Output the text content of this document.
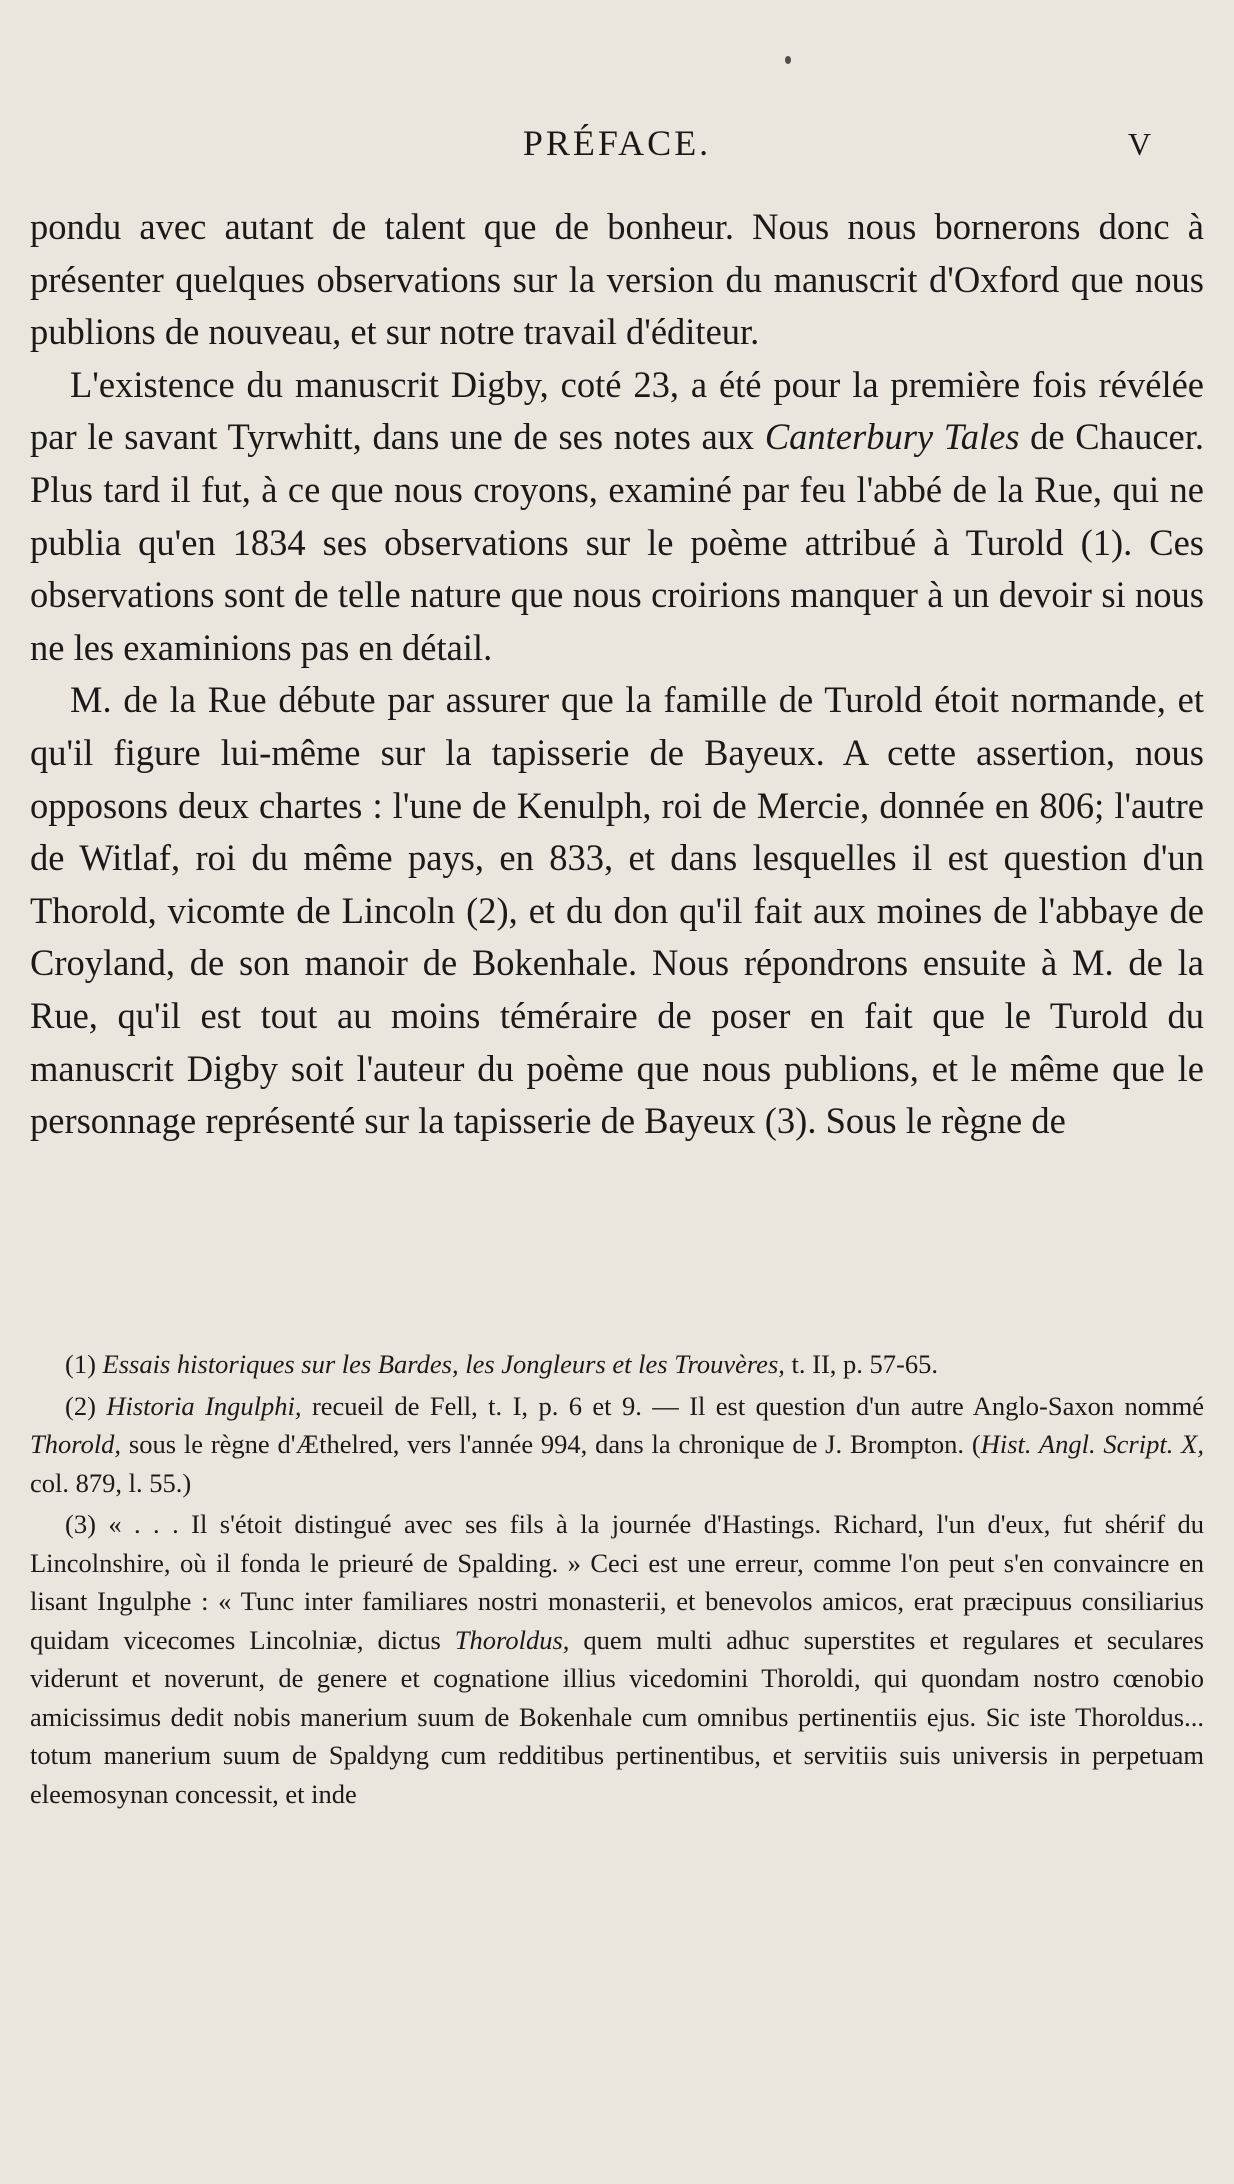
PRÉFACE.	V

pondu avec autant de talent que de bonheur. Nous nous bornerons donc à présenter quelques observations sur la version du manuscrit d'Oxford que nous publions de nouveau, et sur notre travail d'éditeur.

L'existence du manuscrit Digby, coté 23, a été pour la première fois révélée par le savant Tyrwhitt, dans une de ses notes aux Canterbury Tales de Chaucer. Plus tard il fut, à ce que nous croyons, examiné par feu l'abbé de la Rue, qui ne publia qu'en 1834 ses observations sur le poème attribué à Turold (1). Ces observations sont de telle nature que nous croirions manquer à un devoir si nous ne les examinions pas en détail.

M. de la Rue débute par assurer que la famille de Turold étoit normande, et qu'il figure lui-même sur la tapisserie de Bayeux. A cette assertion, nous opposons deux chartes : l'une de Kenulph, roi de Mercie, donnée en 806; l'autre de Witlaf, roi du même pays, en 833, et dans lesquelles il est question d'un Thorold, vicomte de Lincoln (2), et du don qu'il fait aux moines de l'abbaye de Croyland, de son manoir de Bokenhale. Nous répondrons ensuite à M. de la Rue, qu'il est tout au moins téméraire de poser en fait que le Turold du manuscrit Digby soit l'auteur du poème que nous publions, et le même que le personnage représenté sur la tapisserie de Bayeux (3). Sous le règne de

(1) Essais historiques sur les Bardes, les Jongleurs et les Trouvères, t. II, p. 57-65.

(2) Historia Ingulphi, recueil de Fell, t. I, p. 6 et 9. — Il est question d'un autre Anglo-Saxon nommé Thorold, sous le règne d'Æthelred, vers l'année 994, dans la chronique de J. Brompton. (Hist. Angl. Script. X, col. 879, l. 55.)

(3) « . . . Il s'étoit distingué avec ses fils à la journée d'Hastings. Richard, l'un d'eux, fut shérif du Lincolnshire, où il fonda le prieuré de Spalding. » Ceci est une erreur, comme l'on peut s'en convaincre en lisant Ingulphe : « Tunc inter familiares nostri monasterii, et benevolos amicos, erat præcipuus consiliarius quidam vicecomes Lincolniæ, dictus Thoroldus, quem multi adhuc superstites et regulares et seculares viderunt et noverunt, de genere et cognatione illius vicedomini Thoroldi, qui quondam nostro cœnobio amicissimus dedit nobis manerium suum de Bokenhale cum omnibus pertinentiis ejus. Sic iste Thoroldus... totum manerium suum de Spaldyng cum redditibus pertinentibus, et servitiis suis universis in perpetuam eleemosynan concessit, et inde
